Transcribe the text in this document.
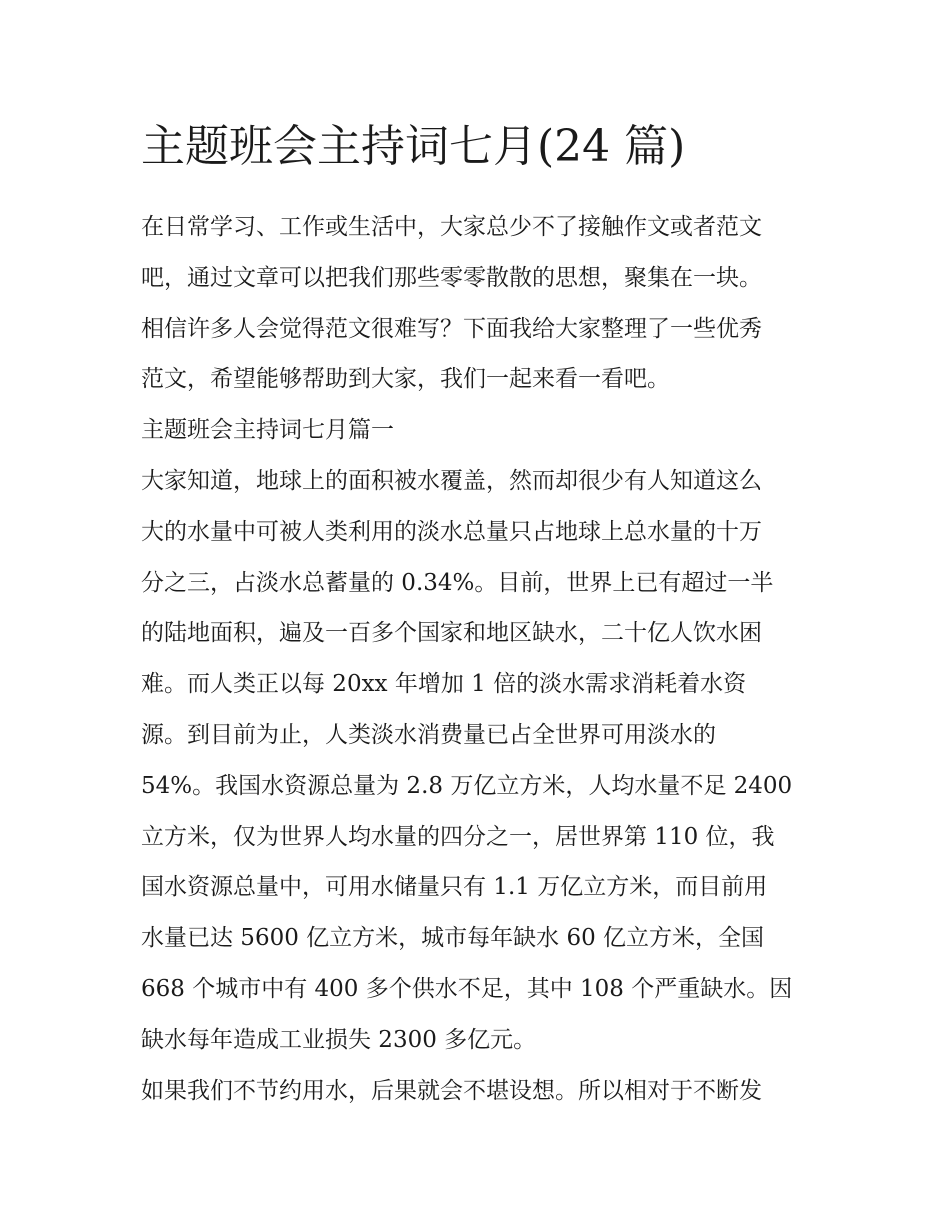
主题班会主持词七月(24 篇)
在日常学习、工作或生活中，大家总少不了接触作文或者范文
吧，通过文章可以把我们那些零零散散的思想，聚集在一块。
相信许多人会觉得范文很难写？下面我给大家整理了一些优秀
范文，希望能够帮助到大家，我们一起来看一看吧。
主题班会主持词七月篇一
大家知道，地球上的面积被水覆盖，然而却很少有人知道这么
大的水量中可被人类利用的淡水总量只占地球上总水量的十万
分之三，占淡水总蓄量的 0.34%。目前，世界上已有超过一半
的陆地面积，遍及一百多个国家和地区缺水，二十亿人饮水困
难。而人类正以每 20xx 年增加 1 倍的淡水需求消耗着水资
源。到目前为止，人类淡水消费量已占全世界可用淡水的
54%。我国水资源总量为 2.8 万亿立方米，人均水量不足 2400
立方米，仅为世界人均水量的四分之一，居世界第 110 位，我
国水资源总量中，可用水储量只有 1.1 万亿立方米，而目前用
水量已达 5600 亿立方米，城市每年缺水 60 亿立方米，全国
668 个城市中有 400 多个供水不足，其中 108 个严重缺水。因
缺水每年造成工业损失 2300 多亿元。
如果我们不节约用水，后果就会不堪设想。所以相对于不断发
